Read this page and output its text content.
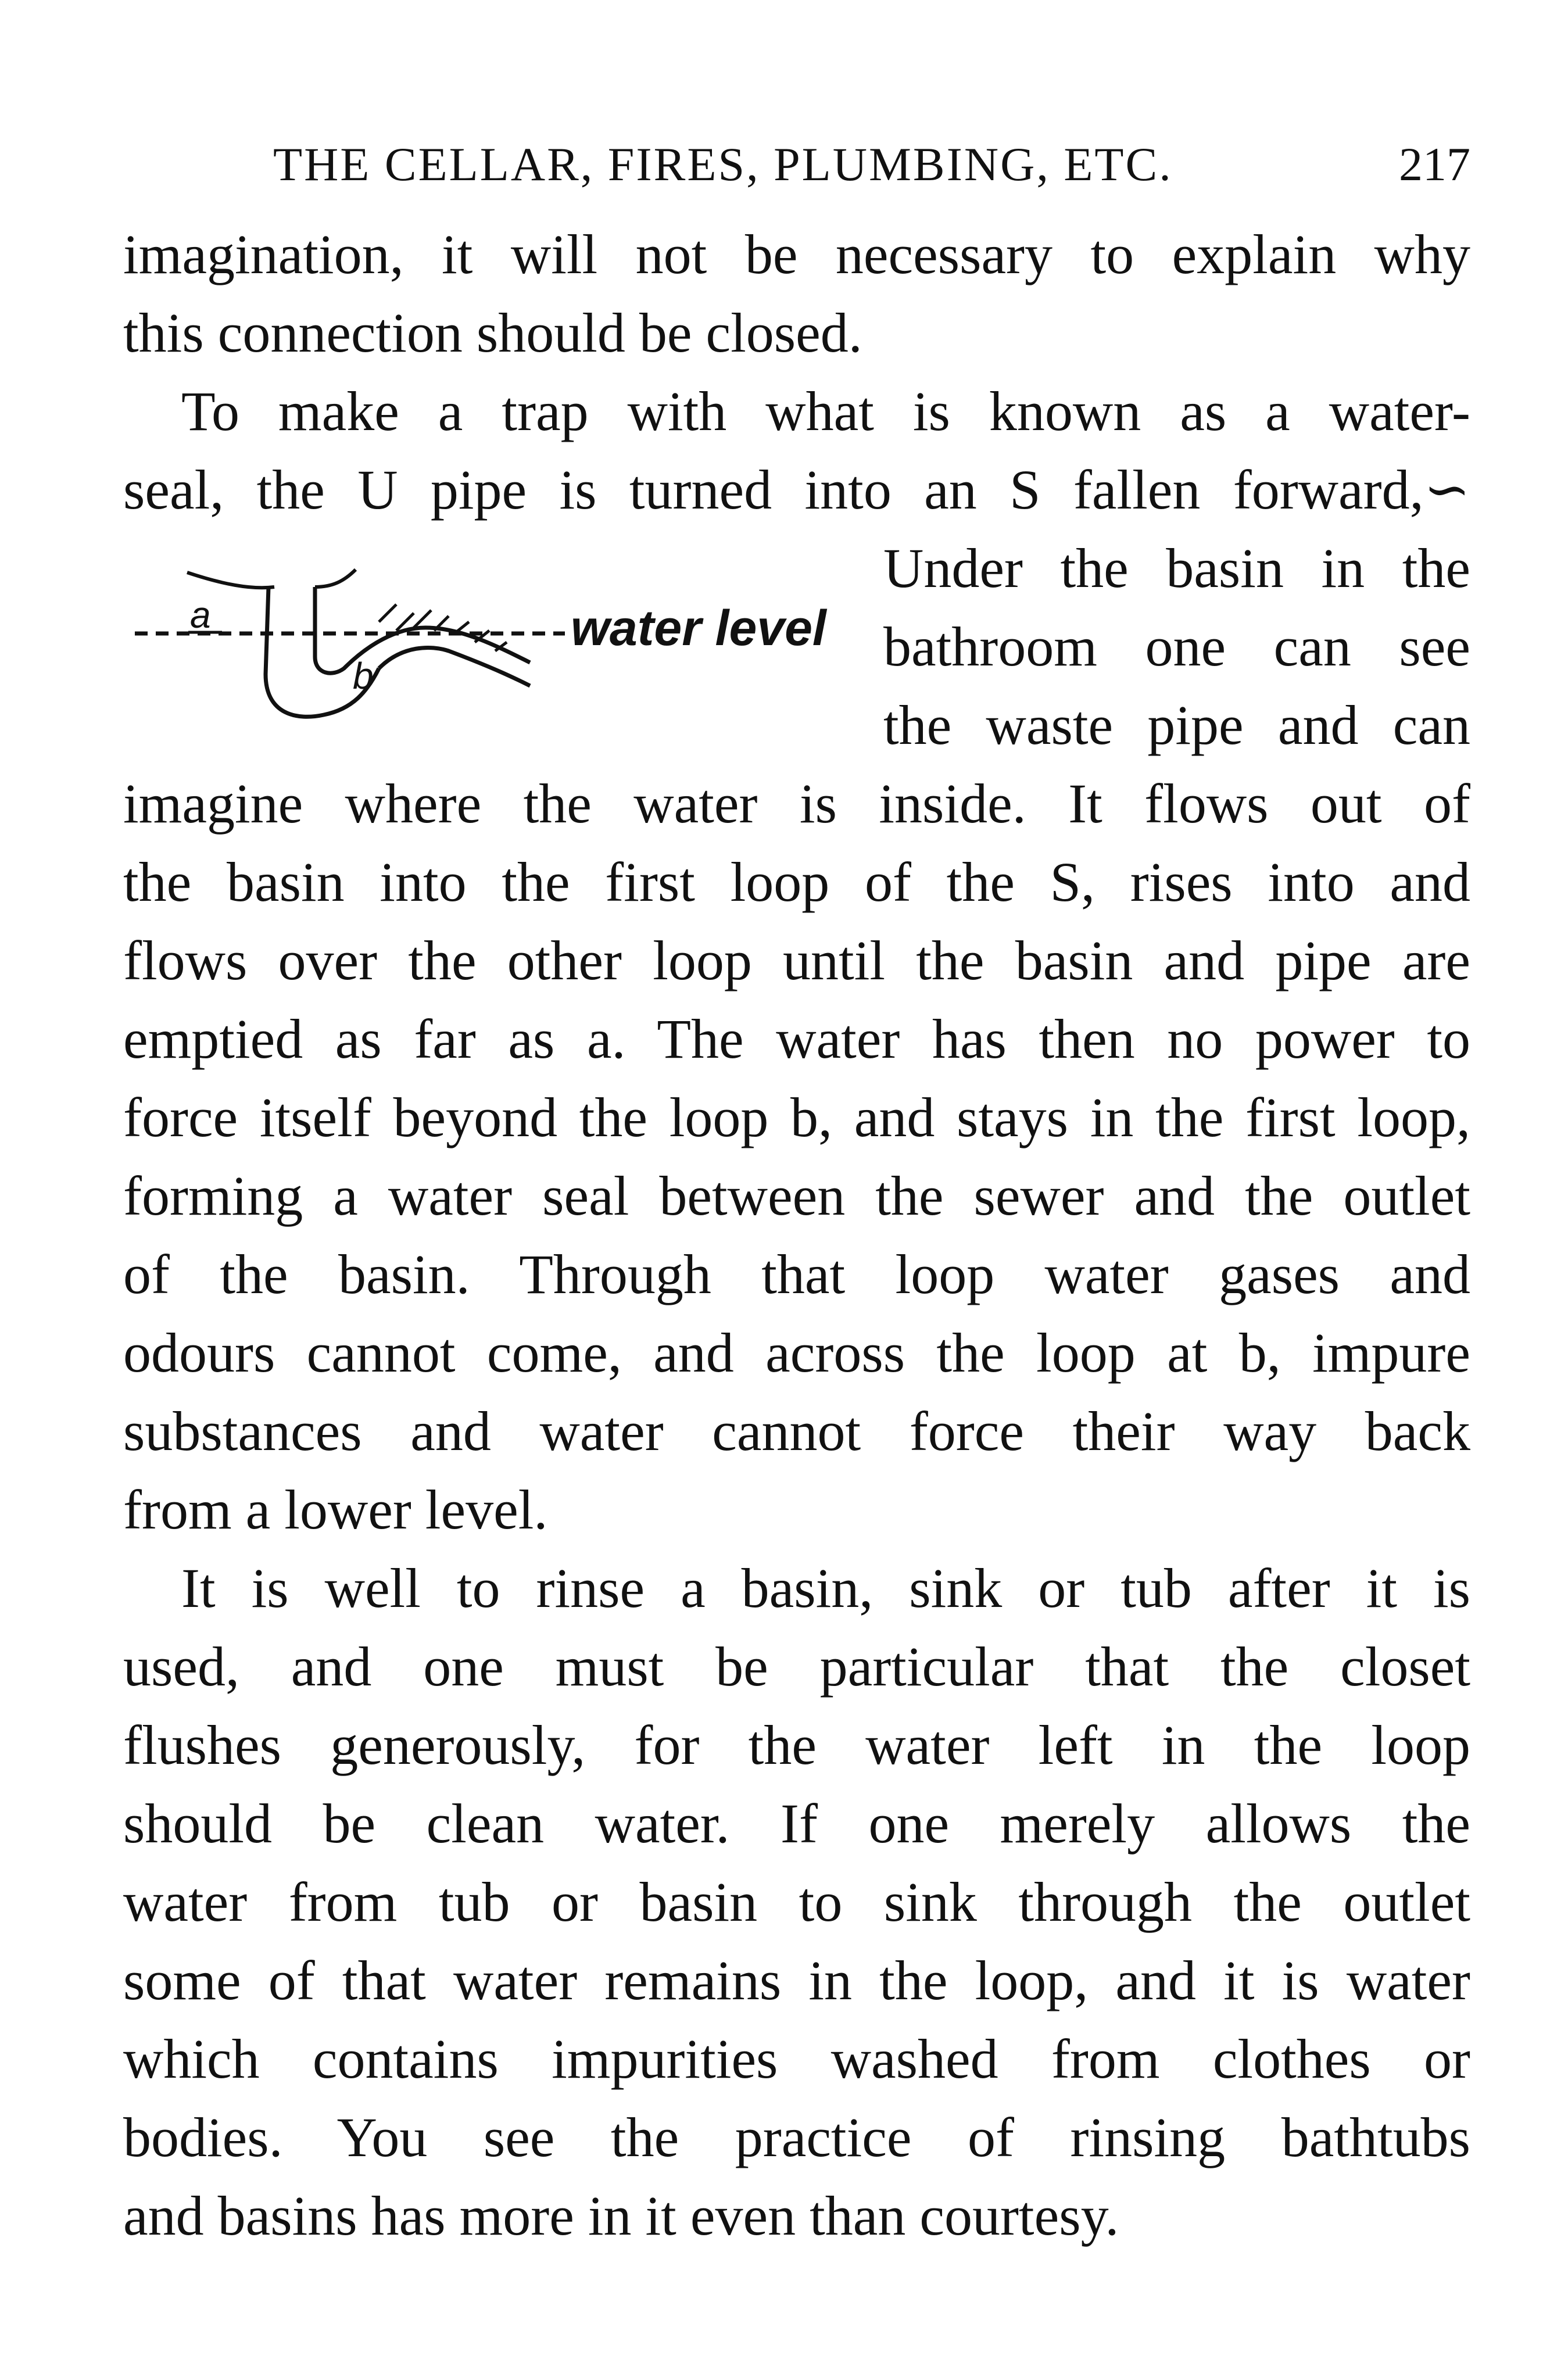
THE CELLAR, FIRES, PLUMBING, ETC.	217
imagination, it will not be necessary to explain why
this connection should be closed.
To make a trap with what is known as a water-
seal, the U pipe is turned into an S fallen forward,∽
a
b
water level
Under the basin in the
bathroom one can see
the waste pipe and can
imagine where the water is inside. It flows out of
the basin into the first loop of the S, rises into and
flows over the other loop until the basin and pipe are
emptied as far as a. The water has then no power to
force itself beyond the loop b, and stays in the first loop,
forming a water seal between the sewer and the outlet
of the basin. Through that loop water gases and
odours cannot come, and across the loop at b, impure
substances and water cannot force their way back
from a lower level.
It is well to rinse a basin, sink or tub after it is
used, and one must be particular that the closet
flushes generously, for the water left in the loop
should be clean water. If one merely allows the
water from tub or basin to sink through the outlet
some of that water remains in the loop, and it is water
which contains impurities washed from clothes or
bodies. You see the practice of rinsing bathtubs
and basins has more in it even than courtesy.
